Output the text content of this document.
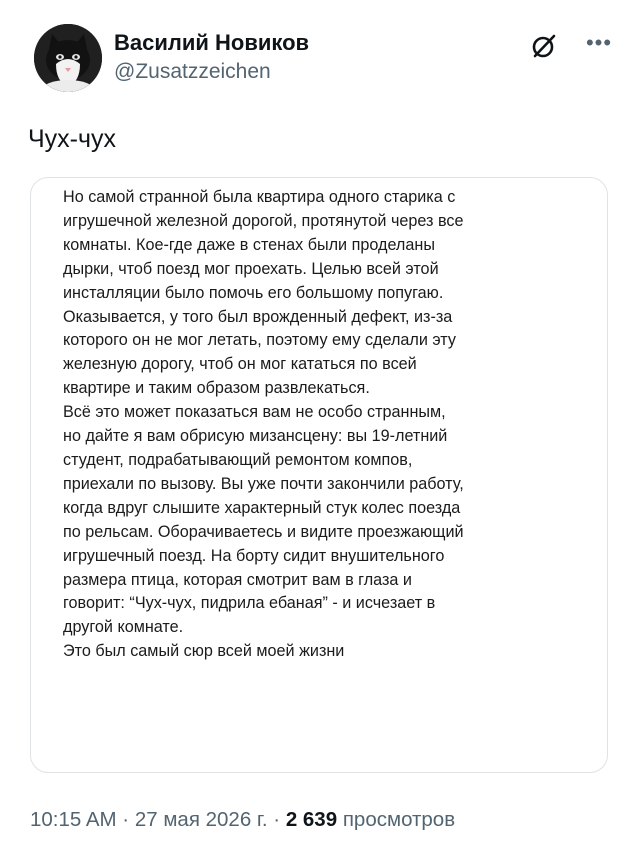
Василий Новиков
@Zusatzzeichen
•••
Чух-чух
Но самой странной была квартира одного старика с
игрушечной железной дорогой, протянутой через все
комнаты. Кое-где даже в стенах были проделаны
дырки, чтоб поезд мог проехать. Целью всей этой
инсталляции было помочь его большому попугаю.
Оказывается, у того был врожденный дефект, из-за
которого он не мог летать, поэтому ему сделали эту
железную дорогу, чтоб он мог кататься по всей
квартире и таким образом развлекаться.
Всё это может показаться вам не особо странным,
но дайте я вам обрисую мизансцену: вы 19-летний
студент, подрабатывающий ремонтом компов,
приехали по вызову. Вы уже почти закончили работу,
когда вдруг слышите характерный стук колес поезда
по рельсам. Оборачиваетесь и видите проезжающий
игрушечный поезд. На борту сидит внушительного
размера птица, которая смотрит вам в глаза и
говорит: “Чух-чух, пидрила ебаная” - и исчезает в
другой комнате.
Это был самый сюр всей моей жизни
10:15 AM · 27 мая 2026 г. · 2 639 просмотров
